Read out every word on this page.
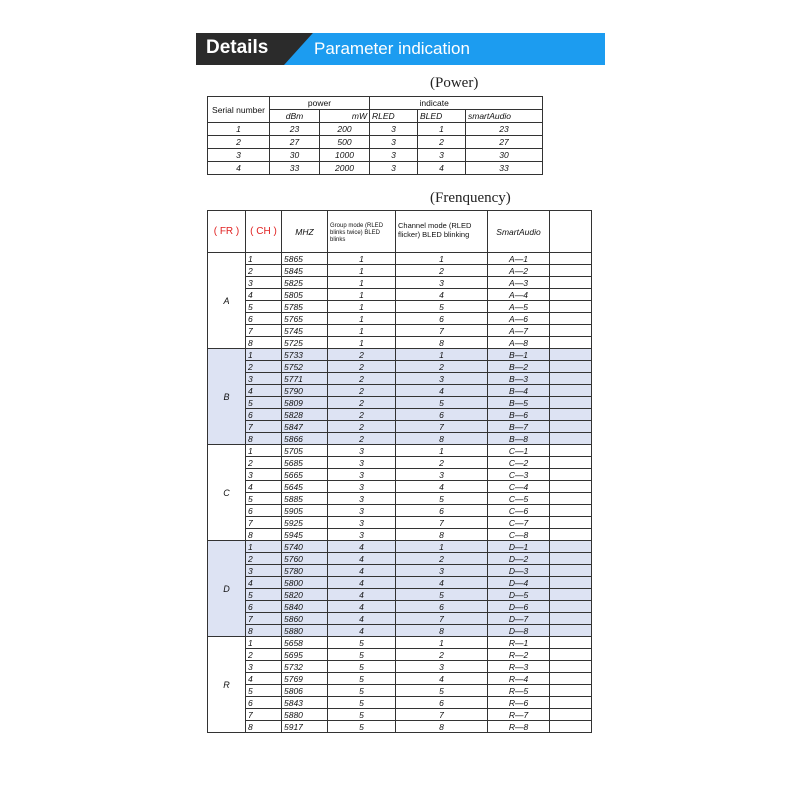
Details	Parameter indication
(Power)
Serial number	power			indicate	
	dBm	mW	RLED	BLED	smartAudio
1	23	200	3	1	23
2	27	500	3	2	27
3	30	1000	3	3	30
4	33	2000	3	4	33
(Frenquency)
( FR )	( CH )	MHZ	Group mode (RLED blinks twice) BLED blinks	Channel mode (RLED flicker) BLED blinking	SmartAudio	
A	1	5865	1	1	A—1	
	2	5845	1	2	A—2	
	3	5825	1	3	A—3	
	4	5805	1	4	A—4	
	5	5785	1	5	A—5	
	6	5765	1	6	A—6	
	7	5745	1	7	A—7	
	8	5725	1	8	A—8	
B	1	5733	2	1	B—1	
	2	5752	2	2	B—2	
	3	5771	2	3	B—3	
	4	5790	2	4	B—4	
	5	5809	2	5	B—5	
	6	5828	2	6	B—6	
	7	5847	2	7	B—7	
	8	5866	2	8	B—8	
C	1	5705	3	1	C—1	
	2	5685	3	2	C—2	
	3	5665	3	3	C—3	
	4	5645	3	4	C—4	
	5	5885	3	5	C—5	
	6	5905	3	6	C—6	
	7	5925	3	7	C—7	
	8	5945	3	8	C—8	
D	1	5740	4	1	D—1	
	2	5760	4	2	D—2	
	3	5780	4	3	D—3	
	4	5800	4	4	D—4	
	5	5820	4	5	D—5	
	6	5840	4	6	D—6	
	7	5860	4	7	D—7	
	8	5880	4	8	D—8	
R	1	5658	5	1	R—1	
	2	5695	5	2	R—2	
	3	5732	5	3	R—3	
	4	5769	5	4	R—4	
	5	5806	5	5	R—5	
	6	5843	5	6	R—6	
	7	5880	5	7	R—7	
	8	5917	5	8	R—8	
